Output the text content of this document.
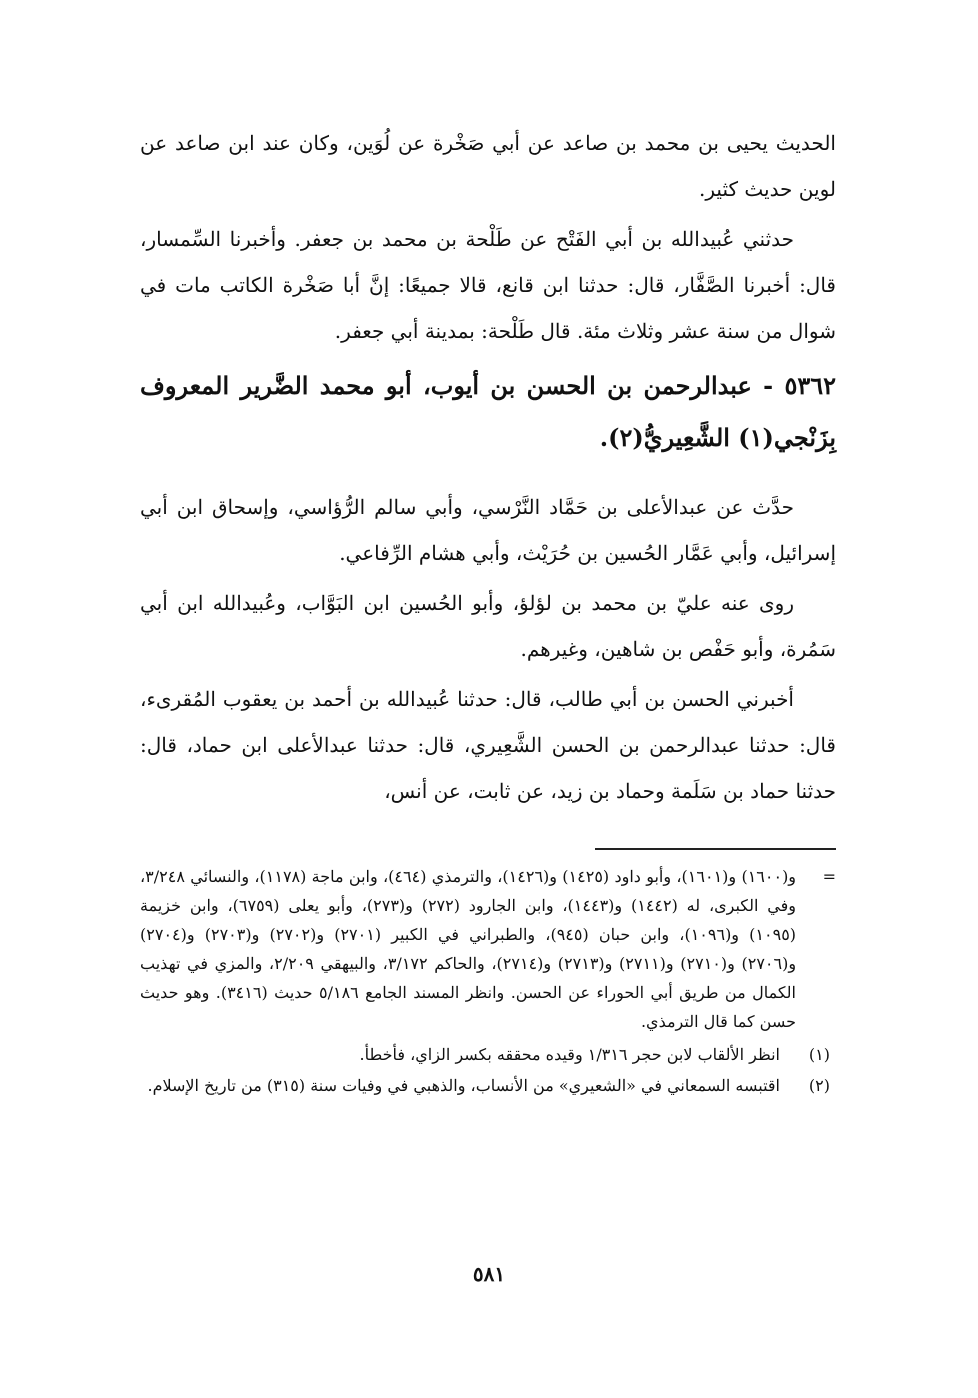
الحديث يحيى بن محمد بن صاعد عن أبي صَخْرة عن لُوَين، وكان عند ابن صاعد عن لوين حديث كثير.

حدثني عُبيدالله بن أبي الفَتْح عن طَلْحة بن محمد بن جعفر. وأخبرنا السِّمسار، قال: أخبرنا الصَّفَّار، قال: حدثنا ابن قانع، قالا جميعًا: إنَّ أبا صَخْرة الكاتب مات في شوال من سنة عشر وثلاث مئة. قال طَلْحة: بمدينة أبي جعفر.

٥٣٦٢ - عبدالرحمن بن الحسن بن أيوب، أبو محمد الضَّرير المعروف بِزَنْجي(١) الشَّعِيريُّ(٢).

حدَّث عن عبدالأعلى بن حَمَّاد النَّرْسي، وأبي سالم الرُّؤاسي، وإسحاق ابن أبي إسرائيل، وأبي عَمَّار الحُسين بن حُرَيْث، وأبي هشام الرِّفاعي.

روى عنه عليّ بن محمد بن لؤلؤ، وأبو الحُسين ابن البَوَّاب، وعُبيدالله ابن أبي سَمُرة، وأبو حَفْص بن شاهين، وغيرهم.

أخبرني الحسن بن أبي طالب، قال: حدثنا عُبيدالله بن أحمد بن يعقوب المُقرىء، قال: حدثنا عبدالرحمن بن الحسن الشَّعِيري، قال: حدثنا عبدالأعلى ابن حماد، قال: حدثنا حماد بن سَلَمة وحماد بن زيد، عن ثابت، عن أنس،

=
و(١٦٠٠) و(١٦٠١)، وأبو داود (١٤٢٥) و(١٤٢٦)، والترمذي (٤٦٤)، وابن ماجة (١١٧٨)، والنسائي ٣/٢٤٨، وفي الكبرى، له (١٤٤٢) و(١٤٤٣)، وابن الجارود (٢٧٢) و(٢٧٣)، وأبو يعلى (٦٧٥٩)، وابن خزيمة (١٠٩٥) و(١٠٩٦)، وابن حبان (٩٤٥)، والطبراني في الكبير (٢٧٠١) و(٢٧٠٢) و(٢٧٠٣) و(٢٧٠٤) و(٢٧٠٦) و(٢٧١٠) و(٢٧١١) و(٢٧١٣) و(٢٧١٤)، والحاكم ٣/١٧٢، والبيهقي ٢/٢٠٩، والمزي في تهذيب الكمال من طريق أبي الحوراء عن الحسن. وانظر المسند الجامع ٥/١٨٦ حديث (٣٤١٦). وهو حديث حسن كما قال الترمذي.
(١)
انظر الألقاب لابن حجر ١/٣١٦ وقيده محققه بكسر الزاي، فأخطأ.
(٢)
اقتبسه السمعاني في «الشعيري» من الأنساب، والذهبي في وفيات سنة (٣١٥) من تاريخ الإسلام.
٥٨١
